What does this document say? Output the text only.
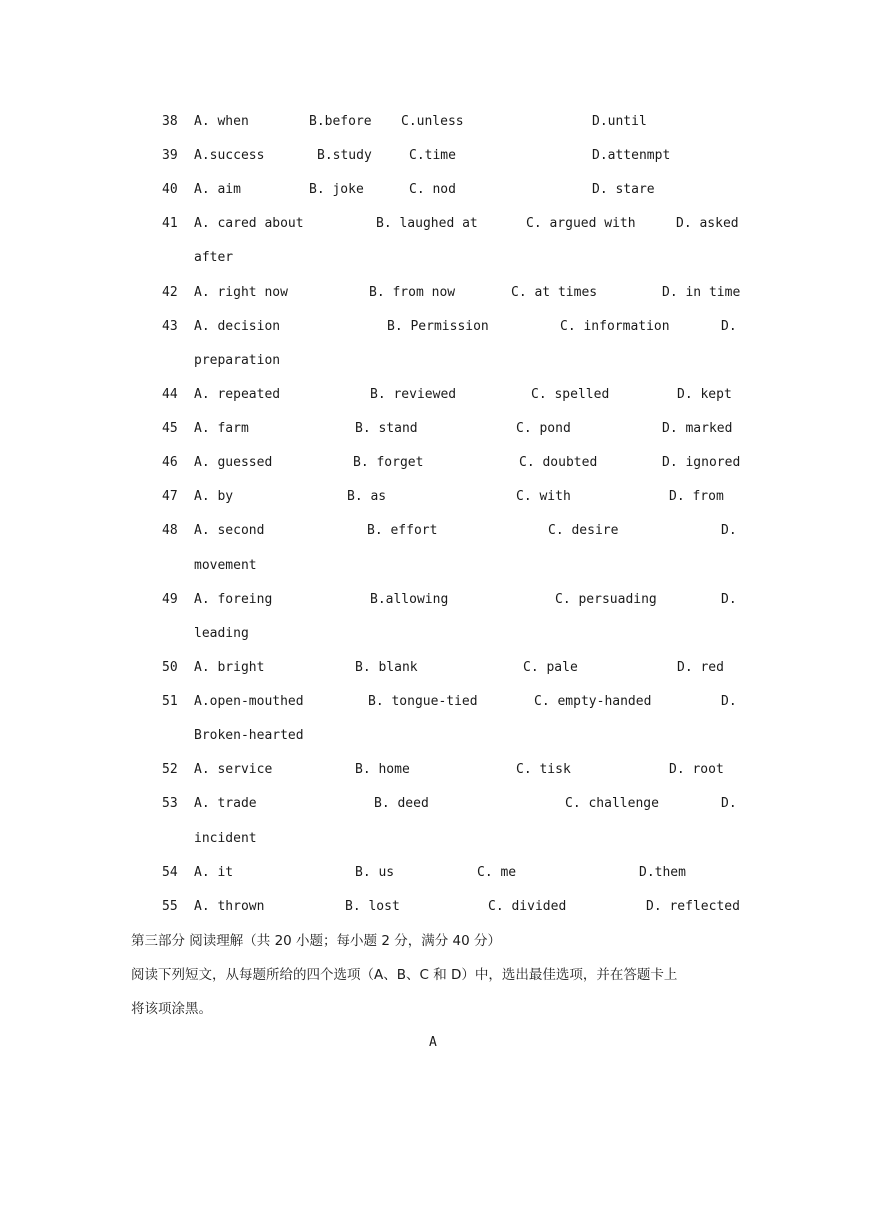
38 A. when	B.before C.unless	D.until
39 A.success	B.study	C.time	D.attenmpt
40 A. aim	B. joke	C. nod	D. stare
41 A. cared about	B. laughed at	C. argued with	D. asked
after
42 A. right now	B. from now	C. at times	D. in time
43 A. decision	B. Permission	C. information	D.
preparation
44 A. repeated	B. reviewed	C. spelled	D. kept
45 A. farm	B. stand	C. pond	D. marked
46 A. guessed	B. forget	C. doubted	D. ignored
47 A. by	B. as	C. with	D. from
48 A. second	B. effort	C. desire	D.
movement
49 A. foreing	B.allowing	C. persuading	D.
leading
50 A. bright	B. blank	C. pale	D. red
51 A.open-mouthed	B. tongue-tied	C. empty-handed	D.
Broken-hearted
52 A. service	B. home	C. tisk	D. root
53 A. trade	B. deed	C. challenge	D.
incident
54 A. it	B. us	C. me	D.them
55 A. thrown	B. lost	C. divided	D. reflected
第三部分 阅读理解（共 20 小题；每小题 2 分，满分 40 分）
阅读下列短文，从每题所给的四个选项（A、B、C 和 D）中，选出最佳选项，并在答题卡上
将该项涂黑。
A
